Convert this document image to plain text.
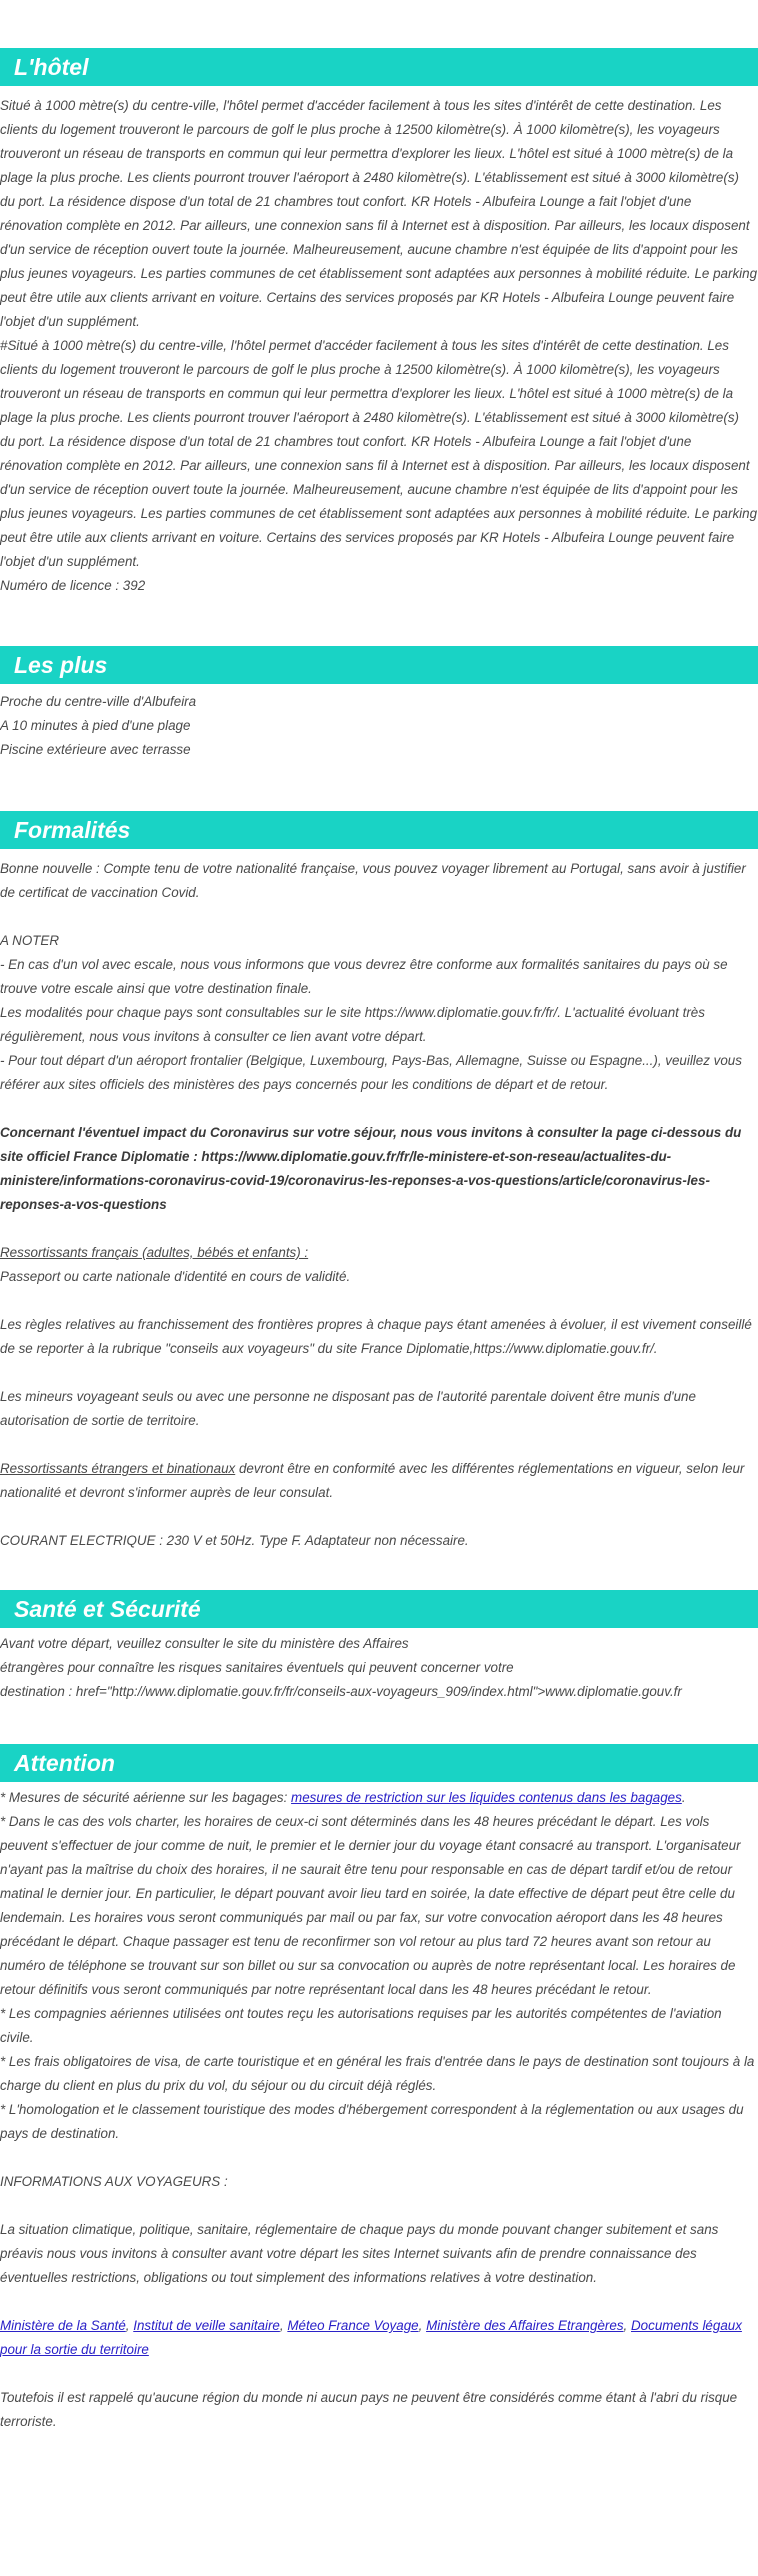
L'hôtel

Situé à 1000 mètre(s) du centre-ville, l'hôtel permet d'accéder facilement à tous les sites d'intérêt de cette destination. Les clients du logement trouveront le parcours de golf le plus proche à 12500 kilomètre(s). À 1000 kilomètre(s), les voyageurs trouveront un réseau de transports en commun qui leur permettra d'explorer les lieux. L'hôtel est situé à 1000 mètre(s) de la plage la plus proche. Les clients pourront trouver l'aéroport à 2480 kilomètre(s). L'établissement est situé à 3000 kilomètre(s) du port. La résidence dispose d'un total de 21 chambres tout confort. KR Hotels - Albufeira Lounge a fait l'objet d'une rénovation complète en 2012. Par ailleurs, une connexion sans fil à Internet est à disposition. Par ailleurs, les locaux disposent d'un service de réception ouvert toute la journée. Malheureusement, aucune chambre n'est équipée de lits d'appoint pour les plus jeunes voyageurs. Les parties communes de cet établissement sont adaptées aux personnes à mobilité réduite. Le parking peut être utile aux clients arrivant en voiture. Certains des services proposés par KR Hotels - Albufeira Lounge peuvent faire l'objet d'un supplément.

#Situé à 1000 mètre(s) du centre-ville, l'hôtel permet d'accéder facilement à tous les sites d'intérêt de cette destination. Les clients du logement trouveront le parcours de golf le plus proche à 12500 kilomètre(s). À 1000 kilomètre(s), les voyageurs trouveront un réseau de transports en commun qui leur permettra d'explorer les lieux. L'hôtel est situé à 1000 mètre(s) de la plage la plus proche. Les clients pourront trouver l'aéroport à 2480 kilomètre(s). L'établissement est situé à 3000 kilomètre(s) du port. La résidence dispose d'un total de 21 chambres tout confort. KR Hotels - Albufeira Lounge a fait l'objet d'une rénovation complète en 2012. Par ailleurs, une connexion sans fil à Internet est à disposition. Par ailleurs, les locaux disposent d'un service de réception ouvert toute la journée. Malheureusement, aucune chambre n'est équipée de lits d'appoint pour les plus jeunes voyageurs. Les parties communes de cet établissement sont adaptées aux personnes à mobilité réduite. Le parking peut être utile aux clients arrivant en voiture. Certains des services proposés par KR Hotels - Albufeira Lounge peuvent faire l'objet d'un supplément.

Numéro de licence : 392

Les plus

Proche du centre-ville d'Albufeira

A 10 minutes à pied d'une plage

Piscine extérieure avec terrasse

Formalités

Bonne nouvelle : Compte tenu de votre nationalité française, vous pouvez voyager librement au Portugal, sans avoir à justifier de certificat de vaccination Covid.

A NOTER

- En cas d'un vol avec escale, nous vous informons que vous devrez être conforme aux formalités sanitaires du pays où se trouve votre escale ainsi que votre destination finale.

Les modalités pour chaque pays sont consultables sur le site https://www.diplomatie.gouv.fr/fr/. L'actualité évoluant très régulièrement, nous vous invitons à consulter ce lien avant votre départ.

- Pour tout départ d'un aéroport frontalier (Belgique, Luxembourg, Pays-Bas, Allemagne, Suisse ou Espagne...), veuillez vous référer aux sites officiels des ministères des pays concernés pour les conditions de départ et de retour.

Concernant l'éventuel impact du Coronavirus sur votre séjour, nous vous invitons à consulter la page ci-dessous du site officiel France Diplomatie : https://www.diplomatie.gouv.fr/fr/le-ministere-et-son-reseau/actualites-du-ministere/informations-coronavirus-covid-19/coronavirus-les-reponses-a-vos-questions/article/coronavirus-les-reponses-a-vos-questions

Ressortissants français (adultes, bébés et enfants) :

Passeport ou carte nationale d'identité en cours de validité.

Les règles relatives au franchissement des frontières propres à chaque pays étant amenées à évoluer, il est vivement conseillé de se reporter à la rubrique "conseils aux voyageurs" du site France Diplomatie,https://www.diplomatie.gouv.fr/.

Les mineurs voyageant seuls ou avec une personne ne disposant pas de l'autorité parentale doivent être munis d'une autorisation de sortie de territoire.

Ressortissants étrangers et binationaux devront être en conformité avec les différentes réglementations en vigueur, selon leur nationalité et devront s'informer auprès de leur consulat.

COURANT ELECTRIQUE : 230 V et 50Hz. Type F. Adaptateur non nécessaire.

Santé et Sécurité

Avant votre départ, veuillez consulter le site du ministère des Affaires

étrangères pour connaître les risques sanitaires éventuels qui peuvent concerner votre

destination : href="http://www.diplomatie.gouv.fr/fr/conseils-aux-voyageurs_909/index.html">www.diplomatie.gouv.fr

Attention

* Mesures de sécurité aérienne sur les bagages: mesures de restriction sur les liquides contenus dans les bagages.

* Dans le cas des vols charter, les horaires de ceux-ci sont déterminés dans les 48 heures précédant le départ. Les vols peuvent s'effectuer de jour comme de nuit, le premier et le dernier jour du voyage étant consacré au transport. L'organisateur n'ayant pas la maîtrise du choix des horaires, il ne saurait être tenu pour responsable en cas de départ tardif et/ou de retour matinal le dernier jour. En particulier, le départ pouvant avoir lieu tard en soirée, la date effective de départ peut être celle du lendemain. Les horaires vous seront communiqués par mail ou par fax, sur votre convocation aéroport dans les 48 heures précédant le départ. Chaque passager est tenu de reconfirmer son vol retour au plus tard 72 heures avant son retour au numéro de téléphone se trouvant sur son billet ou sur sa convocation ou auprès de notre représentant local. Les horaires de retour définitifs vous seront communiqués par notre représentant local dans les 48 heures précédant le retour.

* Les compagnies aériennes utilisées ont toutes reçu les autorisations requises par les autorités compétentes de l'aviation civile.

* Les frais obligatoires de visa, de carte touristique et en général les frais d'entrée dans le pays de destination sont toujours à la charge du client en plus du prix du vol, du séjour ou du circuit déjà réglés.

* L'homologation et le classement touristique des modes d'hébergement correspondent à la réglementation ou aux usages du pays de destination.

INFORMATIONS AUX VOYAGEURS :

La situation climatique, politique, sanitaire, réglementaire de chaque pays du monde pouvant changer subitement et sans préavis nous vous invitons à consulter avant votre départ les sites Internet suivants afin de prendre connaissance des éventuelles restrictions, obligations ou tout simplement des informations relatives à votre destination.

Ministère de la Santé, Institut de veille sanitaire, Méteo France Voyage, Ministère des Affaires Etrangères, Documents légaux pour la sortie du territoire

Toutefois il est rappelé qu'aucune région du monde ni aucun pays ne peuvent être considérés comme étant à l'abri du risque terroriste.
